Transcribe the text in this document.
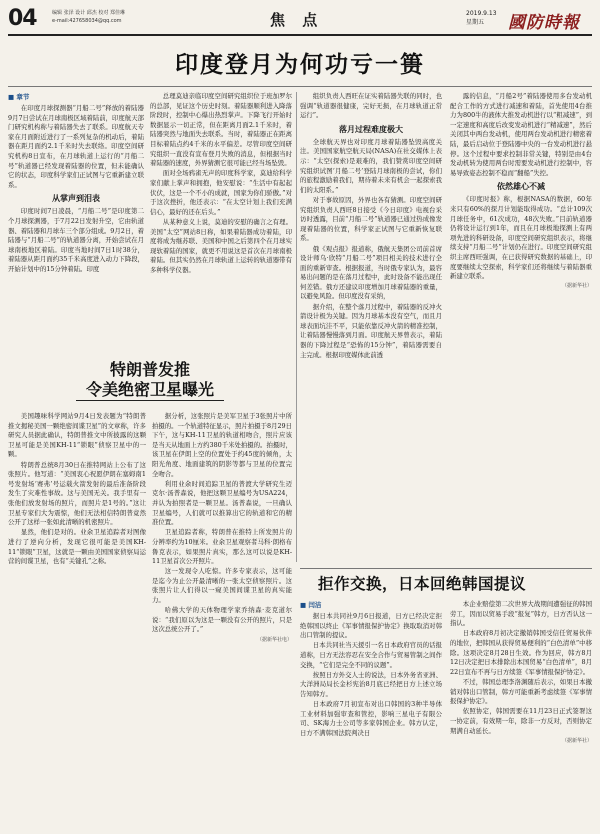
04	编辑 张泽 设计 邱杰 校对 郑佳琳
e-mail:427658034@qq.com	焦 点	2019.9.13
星期五	國防時報
印度登月为何功亏一篑
■ 章节

在印度月球探测器“月船二号”释放的着陆器9月7日尝试在月球南极区域着陆前，印度航天部门研究机构称与着陆器失去了联系。印度航天专家在月面附近进行了一系列复杂的机动后，着陆器在距月面约2.1千米时失去联络。印度空间研究机构8日宣布，在月球轨道上运行的“月船二号”轨道器已经发现着陆器的位置，但未能确认它的状态，印度科学家们正试图与它重新建立联系。

从掌声到泪表

印度时间7日凌晨，“月船二号”是印度第二个月球探测器，于7月22日发射升空，它由轨道器、着陆器和月球车三个部分组成。9月2日，着陆器与“月船二号”的轨道器分离，开始尝试在月球南极地区着陆。印度当地时间7日1时38分，着陆器从距月面约35千米高度进入动力下降段，开始计划中的15分钟着陆。印度

总理莫迪亲临印度空间研究组织位于班加罗尔的总部，见证这个历史时刻。着陆器顺利进入降落阶段时，控制中心爆出热烈掌声。下降飞行开始时数据显示一切正常，但在距离月面2.1千米时，着陆器突然与地面失去联系。当时，着陆器正在距离目标着陆点约4千米的水平偏差。尽管印度空间研究组织一直没有宣布登月失败的消息，但根据当时着陆器的速度，外界猜测它很可能已经当场坠毁。

面对全场鸦雀无声的印度科学家，莫迪给科学家们献上掌声和拥抱，他安慰说：“生活中有起起伏伏，这是一个不小的成就，国家为你们骄傲。”对于这次挫折，他还表示：“在太空计划上我们充满信心，最好的还在后头。”

从某种意义上说，莫迪的安慰的确言之有理。美国“太空”网站8日称，如果着陆器成功着陆，印度将成为继苏联、美国和中国之后第四个在月球实现软着陆的国家，就更不用说这是首次在月球南极着陆。但其实仍然在月球轨道上运转的轨道器带有多种科学仪器。

组织负责人西旺在证实着陆器失联的同时，也强调“轨道器很健康，完好无损，在月球轨道正常运行”。

落月过程难度极大

全球航天界也对印度月球着陆器坠毁高度关注。美国国家航空航天局(NASA)在社交媒体上表示：“太空(探索)是艰难的，我们赞赏印度空间研究组织试图‘月船二号’登陆月球南极的尝试，你们的旅程激励着我们，期待着未来有机会一起探索我们的太阳系。”

对于事故原因，外界也各有猜测。印度空间研究组织负责人西旺8日接受《今日印度》电视台采访时透露，目前“月船二号”轨道器已通过热成像发现着陆器的位置，科学家正试图与它重新恢复联系。

俄《观点报》报道称，俄航天集团公司前首席设计师乌·欣特“月船二号”项目相关的技术进行全面的重新审查。根据报道，当时俄专家认为，最容易出问题的是在落月过程中，此时设备不能出现任何差错。俄方还建议印度增加月球着陆器的重量，以避免风险。但印度没有采纳，

据介绍，在整个落月过程中，着陆器的反冲火箭设计极为关键。因为月球基本没有空气，而且月球表面坑洼不平，只能依靠反冲火箭的精准控制，让着陆器慢慢落到月面。印度航天界曾表示，着陆器的下降过程是“恐怖的15分钟”，着陆器需要自主完成。根据印度媒体此前透

露的信息，“月船2号”着陆器使用多台发动机配合工作的方式进行减速和着陆，首先使用4台推力为800牛的液体大推发动机进行以“粗减速”，到一定速度和高度后改变发动机进行“精减速”，然后关闭其中两台发动机，使用两台发动机进行精密着陆，最后启动位于登陆器中央的一台发动机进行悬停。这个过程中要求控制非常关键，特别是由4台发动机转为使用两台时需要发动机进行控制中，容易导致姿态控制不稳而“翻船”失控。

依然雄心不减

《印度时报》称，根据NASA的数据，60年来只有60%的探月计划能取得成功。“总计109次月球任务中，61次成功，48次失败。”目前轨道器仍将设计运行到1年，而且在月球极地探测上有两项先进的科研设备，印度空间研究组织表示，将继续支持“月船二号”计划仍在进行。印度空间研究组织主席西旺强调，在已获得研究数据的基础上，印度要继续太空探索，科学家们还将继续与着陆器重新建立联系。

（据新华社）
特朗普发推
令美绝密卫星曝光

美国趣味科学网站9月4日发表题为“特朗普推文揭秘美国一颗绝密间谍卫星”的文章称，许多研究人员据此确认，特朗普推文中所披露的这颗卫星可能是美国KH-11“锁眼”侦察卫星中的一颗。

特朗普总统8月30日在推特网站上公布了这张照片。他写道：“美国衷心祝愿伊朗在塞姆南1号发射场‘赛弗’号运载火箭发射的最后准备阶段发生了灾难性事故。这与美国无关。我手里有一张他们放发射场的照片，而照片是1号的。”这让卫星专家们大为震惊，他们无法相信特朗普竟然公开了这样一张如此清晰的机密照片。

显然，他们是对的。业余卫星追踪者对图像进行了逆向分析，发现它很可能是美国KH-11“锁眼”卫星，这就是一颗由美国国家侦察局运营的间谍卫星，也有“关键孔”之称。

据分析，这张照片是美军卫星于3张照片中所拍摄的。一个轨道特征显示，照片拍摄于8月29日下午，这与KH-11卫星的轨道相吻合，照片应该是当天从地面上方约380千米处拍摄的。拍摄时，该卫星在伊朗上空的位置处于约45度的倾角，太阳光角度、地面建筑的阴影等都与卫星的位置完全吻合。

利用业余时间追踪卫星的普渡大学研究生迈克尔·汤普森说，他把这颗卫星编号为USA224，并认为拍照者是一颗卫星。汤普森说，一旦确认卫星编号，人们就可以推算出它的轨道和它的精准位置。

卫星追踪者称，特朗普在推特上所发照片的分辨率约为10厘米。业余卫星观察者马科·朗格布鲁克表示，如果照片真实，那么这可以说是KH-11卫星首次公开照片。

这一发现令人吃惊。许多专家表示，这可能是迄今为止公开最清晰的一张太空侦察照片。这张照片让人们得以一窥美国间谍卫星的真实能力。

哈佛大学的天体物理学家乔纳森·麦克道尔说：“我们原以为这是一颗没有公开的照片，只是这次总统公开了。”

（据新华社电）
拒作交换，日本回绝韩国提议
■ 闫洁

据日本共同社9月6日报道，日方已经决定拒绝韩国以终止《军事情报保护协定》换取取消对韩出口管制的提议。

日本共同社当天援引一名日本政府官员的话报道称，日方无法容忍在安全合作与贸易管制之间作交换，“它们是完全不同的议题”。

按照日方外交人士的说法，日本外务省亚洲、大洋洲局局长金杉宪治8月底已经把日方上述立场告知韩方。

日本政府7月初宣布对出口韩国的3种半导体工业材料加强审查和管控，影响三星电子有限公司、SK海力士公司等多家韩国企业。韩方认定，日方不满韩国法院判决日

本企业赔偿第二次世界大战期间遭强征的韩国劳工，因而以贸易手段“报复”韩方，日方否认这一指认。

日本政府8月初决定撤销韩国受信任贸易伙伴的地位，把韩国从获得贸易便利的“白色清单”中移除。这项决定8月28日生效。作为回应，韩方8月12日决定把日本排除出本国贸易“白色清单”，8月22日宣布不再与日方续签《军事情报保护协定》。

不过，韩国总理李洛渊随后表示，如果日本撤销对韩出口管制，韩方可能重新考虑续签《军事情报保护协定》。

依照协定，韩国需要在11月23日正式签署这一协定前，有效期一年，除非一方反对，否则协定期满自动延长。

（据新华社）
